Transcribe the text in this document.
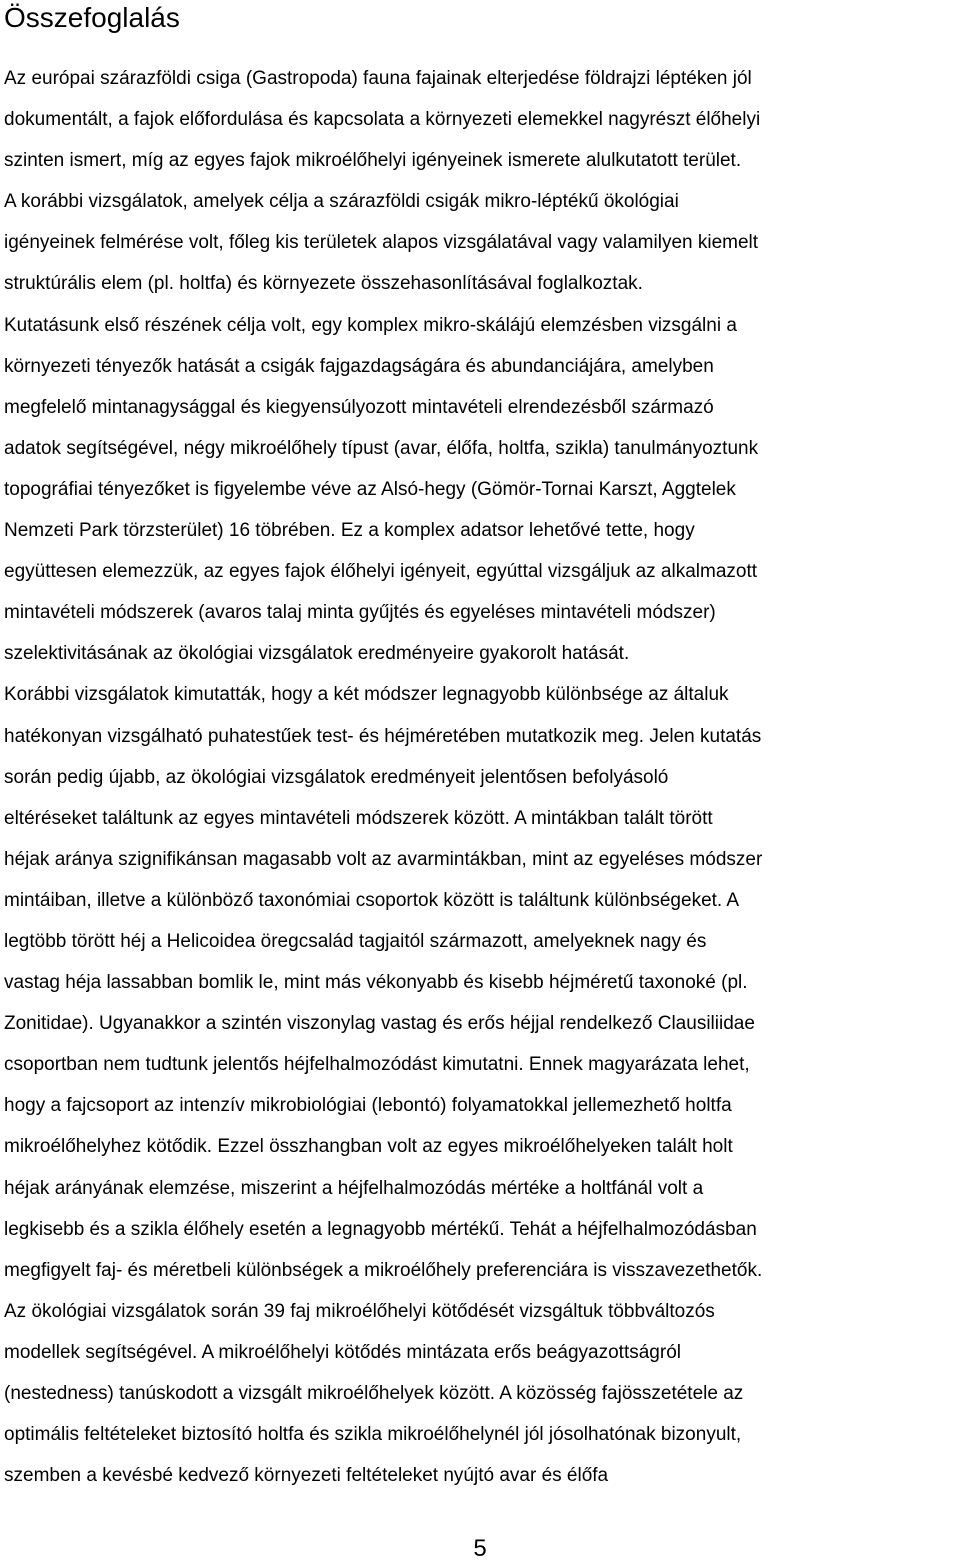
Összefoglalás

Az európai szárazföldi csiga (Gastropoda) fauna fajainak elterjedése földrajzi léptéken jól
dokumentált, a fajok előfordulása és kapcsolata a környezeti elemekkel nagyrészt élőhelyi
szinten ismert, míg az egyes fajok mikroélőhelyi igényeinek ismerete alulkutatott terület.
A korábbi vizsgálatok, amelyek célja a szárazföldi csigák mikro-léptékű ökológiai
igényeinek felmérése volt, főleg kis területek alapos vizsgálatával vagy valamilyen kiemelt
struktúrális elem (pl. holtfa) és környezete összehasonlításával foglalkoztak.
Kutatásunk első részének célja volt, egy komplex mikro-skálájú elemzésben vizsgálni a
környezeti tényezők hatását a csigák fajgazdagságára és abundanciájára, amelyben
megfelelő mintanagysággal és kiegyensúlyozott mintavételi elrendezésből származó
adatok segítségével, négy mikroélőhely típust (avar, élőfa, holtfa, szikla) tanulmányoztunk
topográfiai tényezőket is figyelembe véve az Alsó-hegy (Gömör-Tornai Karszt, Aggtelek
Nemzeti Park törzsterület) 16 töbrében. Ez a komplex adatsor lehetővé tette, hogy
együttesen elemezzük, az egyes fajok élőhelyi igényeit, egyúttal vizsgáljuk az alkalmazott
mintavételi módszerek (avaros talaj minta gyűjtés és egyeléses mintavételi módszer)
szelektivitásának az ökológiai vizsgálatok eredményeire gyakorolt hatását.
Korábbi vizsgálatok kimutatták, hogy a két módszer legnagyobb különbsége az általuk
hatékonyan vizsgálható puhatestűek test- és héjméretében mutatkozik meg. Jelen kutatás
során pedig újabb, az ökológiai vizsgálatok eredményeit jelentősen befolyásoló
eltéréseket találtunk az egyes mintavételi módszerek között. A mintákban talált törött
héjak aránya szignifikánsan magasabb volt az avarmintákban, mint az egyeléses módszer
mintáiban, illetve a különböző taxonómiai csoportok között is találtunk különbségeket. A
legtöbb törött héj a Helicoidea öregcsalád tagjaitól származott, amelyeknek nagy és
vastag héja lassabban bomlik le, mint más vékonyabb és kisebb héjméretű taxonoké (pl.
Zonitidae). Ugyanakkor a szintén viszonylag vastag és erős héjjal rendelkező Clausiliidae
csoportban nem tudtunk jelentős héjfelhalmozódást kimutatni. Ennek magyarázata lehet,
hogy a fajcsoport az intenzív mikrobiológiai (lebontó) folyamatokkal jellemezhető holtfa
mikroélőhelyhez kötődik. Ezzel összhangban volt az egyes mikroélőhelyeken talált holt
héjak arányának elemzése, miszerint a héjfelhalmozódás mértéke a holtfánál volt a
legkisebb és a szikla élőhely esetén a legnagyobb mértékű. Tehát a héjfelhalmozódásban
megfigyelt faj- és méretbeli különbségek a mikroélőhely preferenciára is visszavezethetők.
Az ökológiai vizsgálatok során 39 faj mikroélőhelyi kötődését vizsgáltuk többváltozós
modellek segítségével. A mikroélőhelyi kötődés mintázata erős beágyazottságról
(nestedness) tanúskodott a vizsgált mikroélőhelyek között. A közösség fajösszetétele az
optimális feltételeket biztosító holtfa és szikla mikroélőhelynél jól jósolhatónak bizonyult,
szemben a kevésbé kedvező környezeti feltételeket nyújtó avar és élőfa

5
